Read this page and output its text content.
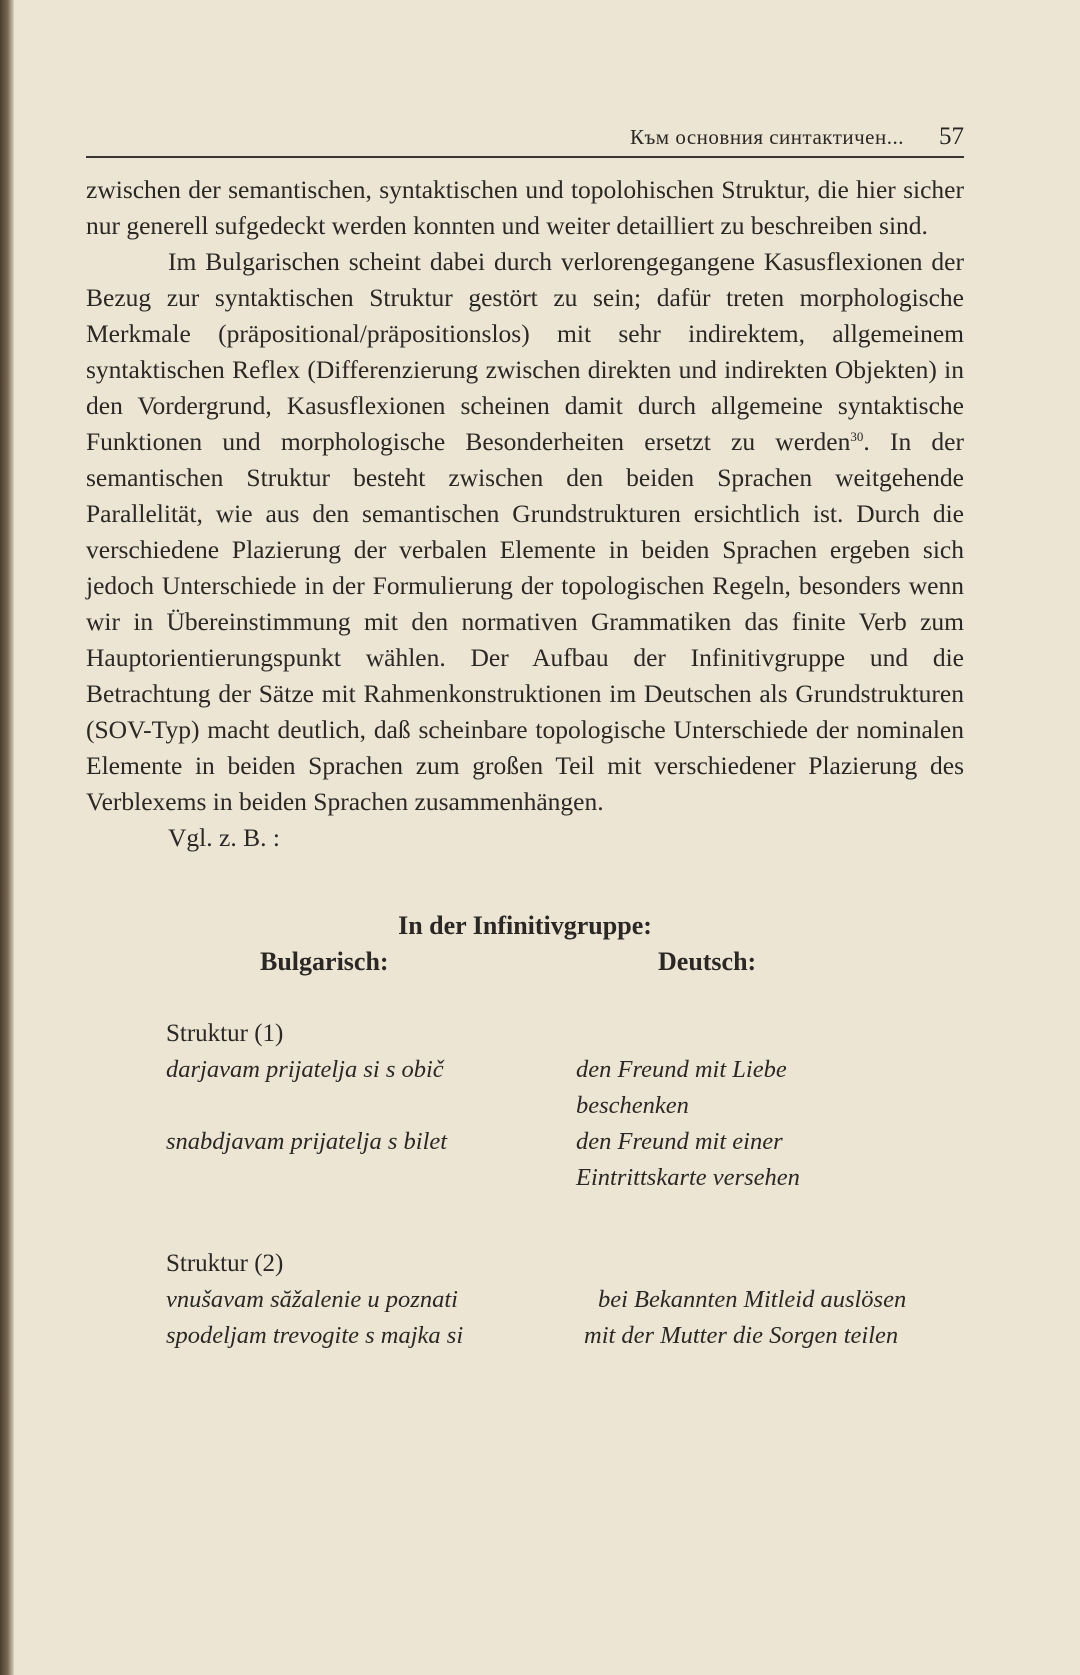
Към основния синтактичен... 57

zwischen der semantischen, syntaktischen und topolohischen Struktur, die hier sicher nur generell sufgedeckt werden konnten und weiter detailliert zu beschreiben sind.

Im Bulgarischen scheint dabei durch verlorengegangene Kasusflexionen der Bezug zur syntaktischen Struktur gestört zu sein; dafür treten morphologische Merkmale (präpositional/präpositionslos) mit sehr indirektem, allgemeinem syntaktischen Reflex (Differenzierung zwischen direkten und indirekten Objekten) in den Vordergrund, Kasusflexionen scheinen damit durch allgemeine syntaktische Funktionen und morphologische Besonderheiten ersetzt zu werden$^{30}$. In der semantischen Struktur besteht zwischen den beiden Sprachen weitgehende Parallelität, wie aus den semantischen Grundstrukturen ersichtlich ist. Durch die verschiedene Plazierung der verbalen Elemente in beiden Sprachen ergeben sich jedoch Unterschiede in der Formulierung der topologischen Regeln, besonders wenn wir in Übereinstimmung mit den normativen Grammatiken das finite Verb zum Hauptorientierungspunkt wählen. Der Aufbau der Infinitivgruppe und die Betrachtung der Sätze mit Rahmenkonstruktionen im Deutschen als Grundstrukturen (SOV-Typ) macht deutlich, daß scheinbare topologische Unterschiede der nominalen Elemente in beiden Sprachen zum großen Teil mit verschiedener Plazierung des Verblexems in beiden Sprachen zusammenhängen.

Vgl. z. B. :

In der Infinitivgruppe:
Bulgarisch:	Deutsch:
Struktur (1)
darjavam prijatelja si s obič	den Freund mit Liebe
beschenken
snabdjavam prijatelja s bilet	den Freund mit einer
Eintrittskarte versehen
Struktur (2)
vnušavam săžalenie u poznati	bei Bekannten Mitleid auslösen
spodeljam trevogite s majka si	mit der Mutter die Sorgen teilen
